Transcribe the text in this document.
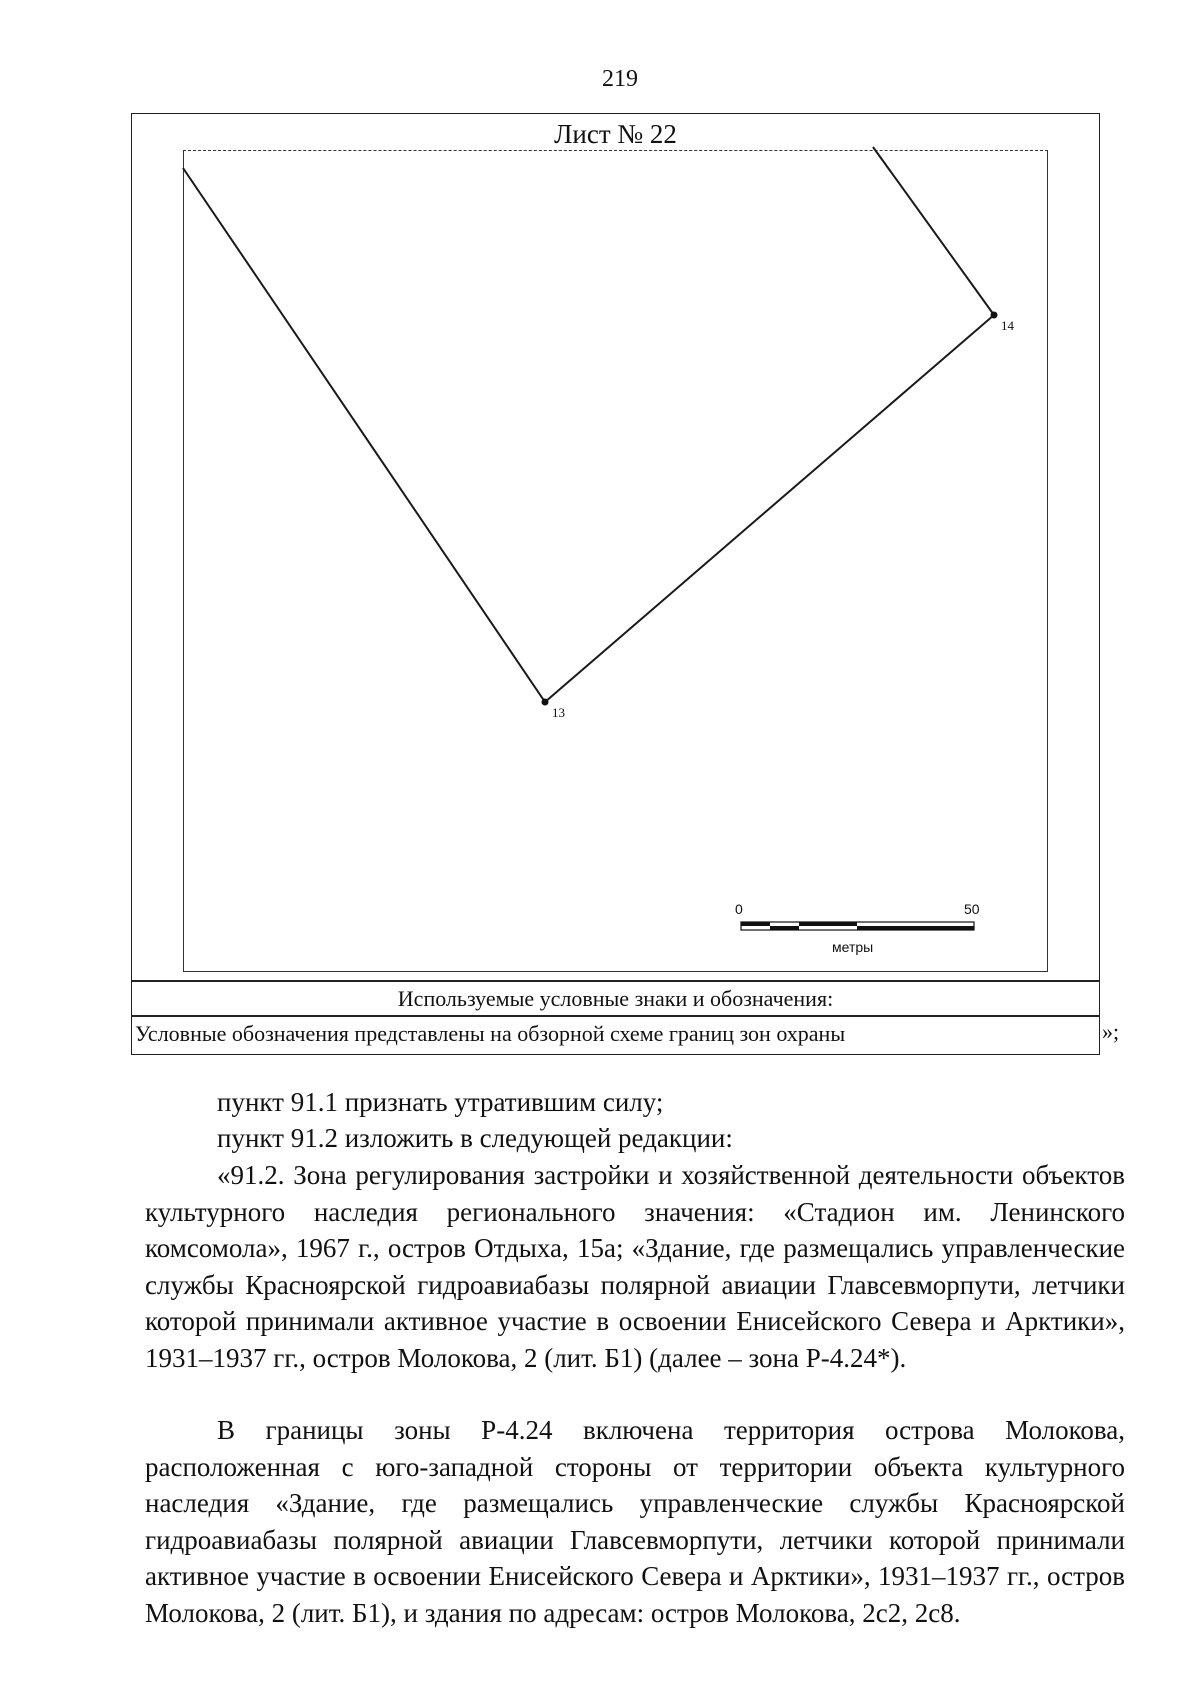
219
Лист № 22
13
14
0	50
метры
Используемые условные знаки и обозначения:
Условные обозначения представлены на обзорной схеме границ зон охраны	»;

пункт 91.1 признать утратившим силу;

пункт 91.2 изложить в следующей редакции:

«91.2. Зона регулирования застройки и хозяйственной деятельности объектов культурного наследия регионального значения: «Стадион им. Ленинского комсомола», 1967 г., остров Отдыха, 15а; «Здание, где размещались управленческие службы Красноярской гидроавиабазы полярной авиации Главсевморпути, летчики которой принимали активное участие в освоении Енисейского Севера и Арктики», 1931–1937 гг., остров Молокова, 2 (лит. Б1) (далее – зона Р-4.24*).

В границы зоны Р-4.24 включена территория острова Молокова, расположенная с юго-западной стороны от территории объекта культурного наследия «Здание, где размещались управленческие службы Красноярской гидроавиабазы полярной авиации Главсевморпути, летчики которой принимали активное участие в освоении Енисейского Севера и Арктики», 1931–1937 гг., остров Молокова, 2 (лит. Б1), и здания по адресам: остров Молокова, 2с2, 2с8.
